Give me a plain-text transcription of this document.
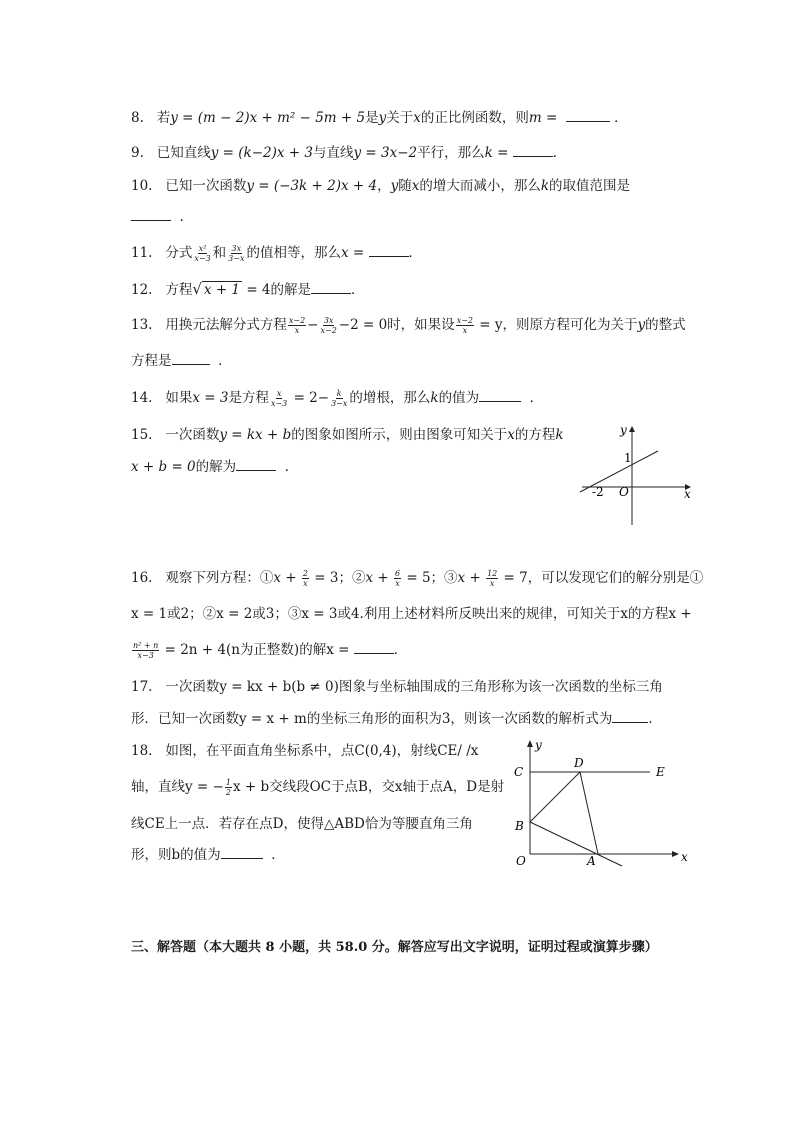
8. 若y = (m − 2)x + m² − 5m + 5是y关于x的正比例函数，则m =	．
9. 已知直线y = (k−2)x + 3与直线y = 3x−2平行，那么k =	．
10. 已知一次函数y = (−3k + 2)x + 4，y随x的增大而减小，那么k的取值范围是
．
11. 分式 $\frac{\text{x²}}{x-3}$ 和 $\frac{3x}{3-x}$ 的值相等，那么x =	．
12. 方程√ x + 1 = 4的解是	．
13. 用换元法解分式方程 $\frac{x-2}{x} - \frac{3x}{x-2} -2 = 0$时，如果设 $\frac{x-2}{x} = y$，则原方程可化为关于y的整式
方程是	．
14. 如果x = 3是方程 $\frac{x}{x-3} = 2- \frac{k}{3-x}$ 的增根，那么k的值为	．
15. 一次函数y = kx + b的图象如图所示，则由图象可知关于x的方程k
x + b = 0的解为	．
y
x
O
1
-2
16. 观察下列方程：①x + $\frac{2}{x} = 3$；②x + $\frac{6}{x} = 5$；③x + $\frac{12}{x} = 7$，可以发现它们的解分别是①
x = 1或2；②x = 2或3；③x = 3或4.利用上述材料所反映出来的规律，可知关于x的方程x +
$\frac{\text{n² + n}}{x-3} = 2n + 4(n$为正整数)的解x =	．
17. 一次函数y = kx + b(b ≠ 0)图象与坐标轴围成的三角形称为该一次函数的坐标三角
形．已知一次函数y = x + m的坐标三角形的面积为3，则该一次函数的解析式为	．
18. 如图，在平面直角坐标系中，点C(0,4)，射线CE/ /x
轴，直线y = − $\frac{1}{2}$ x + b交线段OC于点B，交x轴于点A，D是射
线CE上一点．若存在点D，使得△ABD恰为等腰直角三角
形，则b的值为	．
y
x
O
C
D
E
B
A
三、解答题（本大题共 8 小题，共 58.0 分。解答应写出文字说明，证明过程或演算步骤）
